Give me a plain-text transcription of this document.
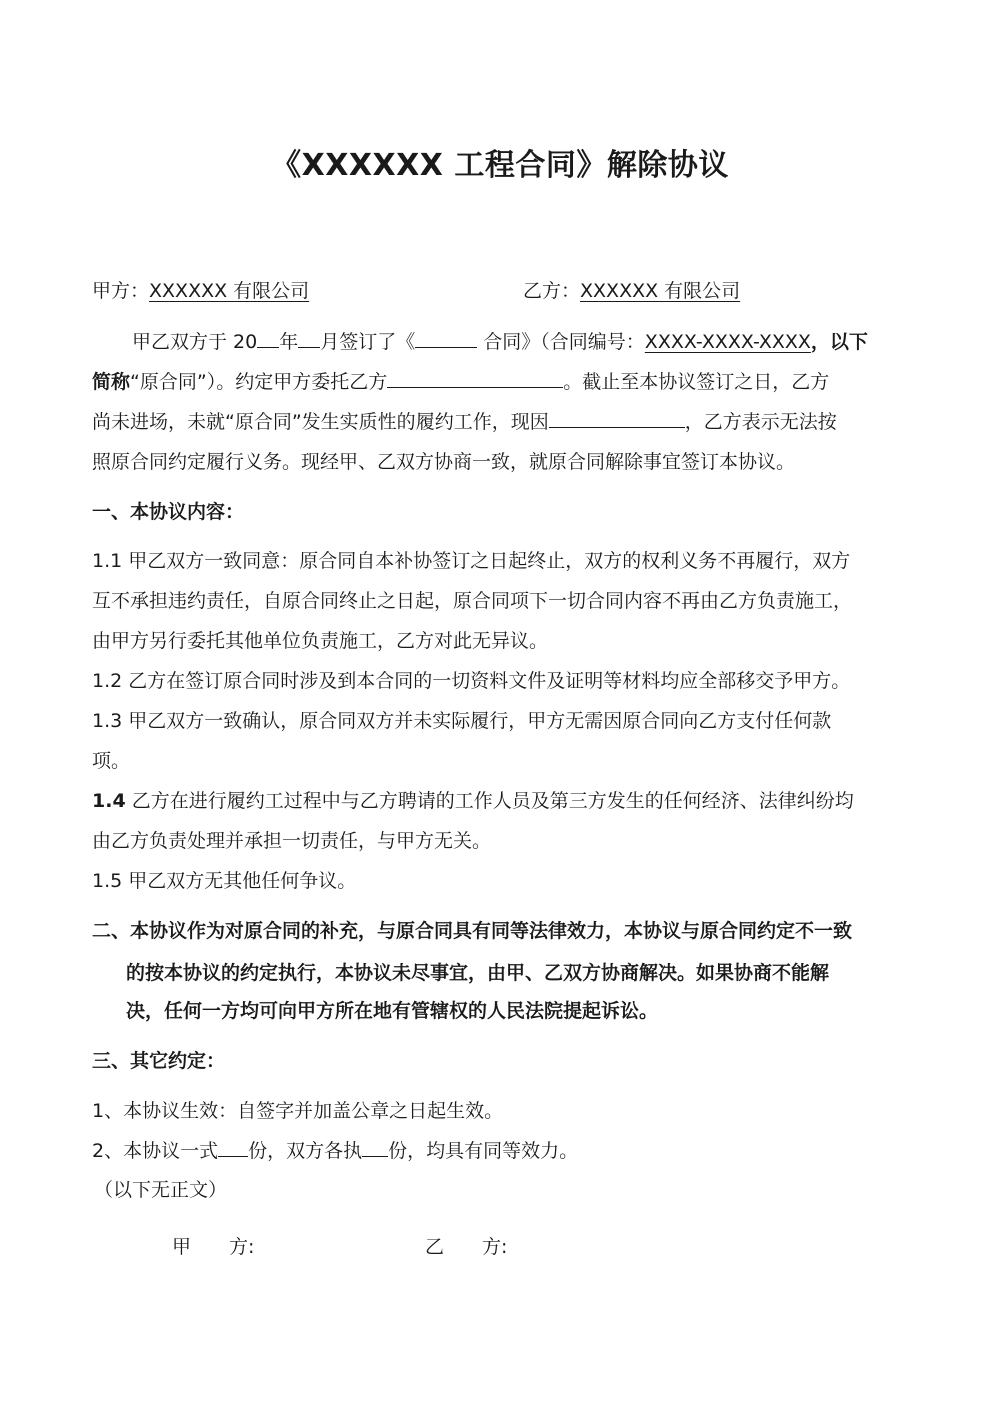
《XXXXXX 工程合同》解除协议
甲方：XXXXXX 有限公司	乙方：XXXXXX 有限公司
甲乙双方于 20 年 月签订了《	合同》（合同编号：XXXX-XXXX-XXXX，以下
简称“原合同”）。约定甲方委托乙方	。截止至本协议签订之日，乙方
尚未进场，未就“原合同”发生实质性的履约工作，现因	，乙方表示无法按
照原合同约定履行义务。现经甲、乙双方协商一致，就原合同解除事宜签订本协议。
一、本协议内容：
1.1 甲乙双方一致同意：原合同自本补协签订之日起终止，双方的权利义务不再履行，双方
互不承担违约责任，自原合同终止之日起，原合同项下一切合同内容不再由乙方负责施工，
由甲方另行委托其他单位负责施工，乙方对此无异议。
1.2 乙方在签订原合同时涉及到本合同的一切资料文件及证明等材料均应全部移交予甲方。
1.3 甲乙双方一致确认，原合同双方并未实际履行，甲方无需因原合同向乙方支付任何款
项。
1.4 乙方在进行履约工过程中与乙方聘请的工作人员及第三方发生的任何经济、法律纠纷均
由乙方负责处理并承担一切责任，与甲方无关。
1.5 甲乙双方无其他任何争议。
二、本协议作为对原合同的补充，与原合同具有同等法律效力，本协议与原合同约定不一致
的按本协议的约定执行，本协议未尽事宜，由甲、乙双方协商解决。如果协商不能解
决，任何一方均可向甲方所在地有管辖权的人民法院提起诉讼。
三、其它约定：
1、本协议生效：自签字并加盖公章之日起生效。
2、本协议一式 份，双方各执 份，均具有同等效力。
（以下无正文）
甲　　方:	乙　　方:
